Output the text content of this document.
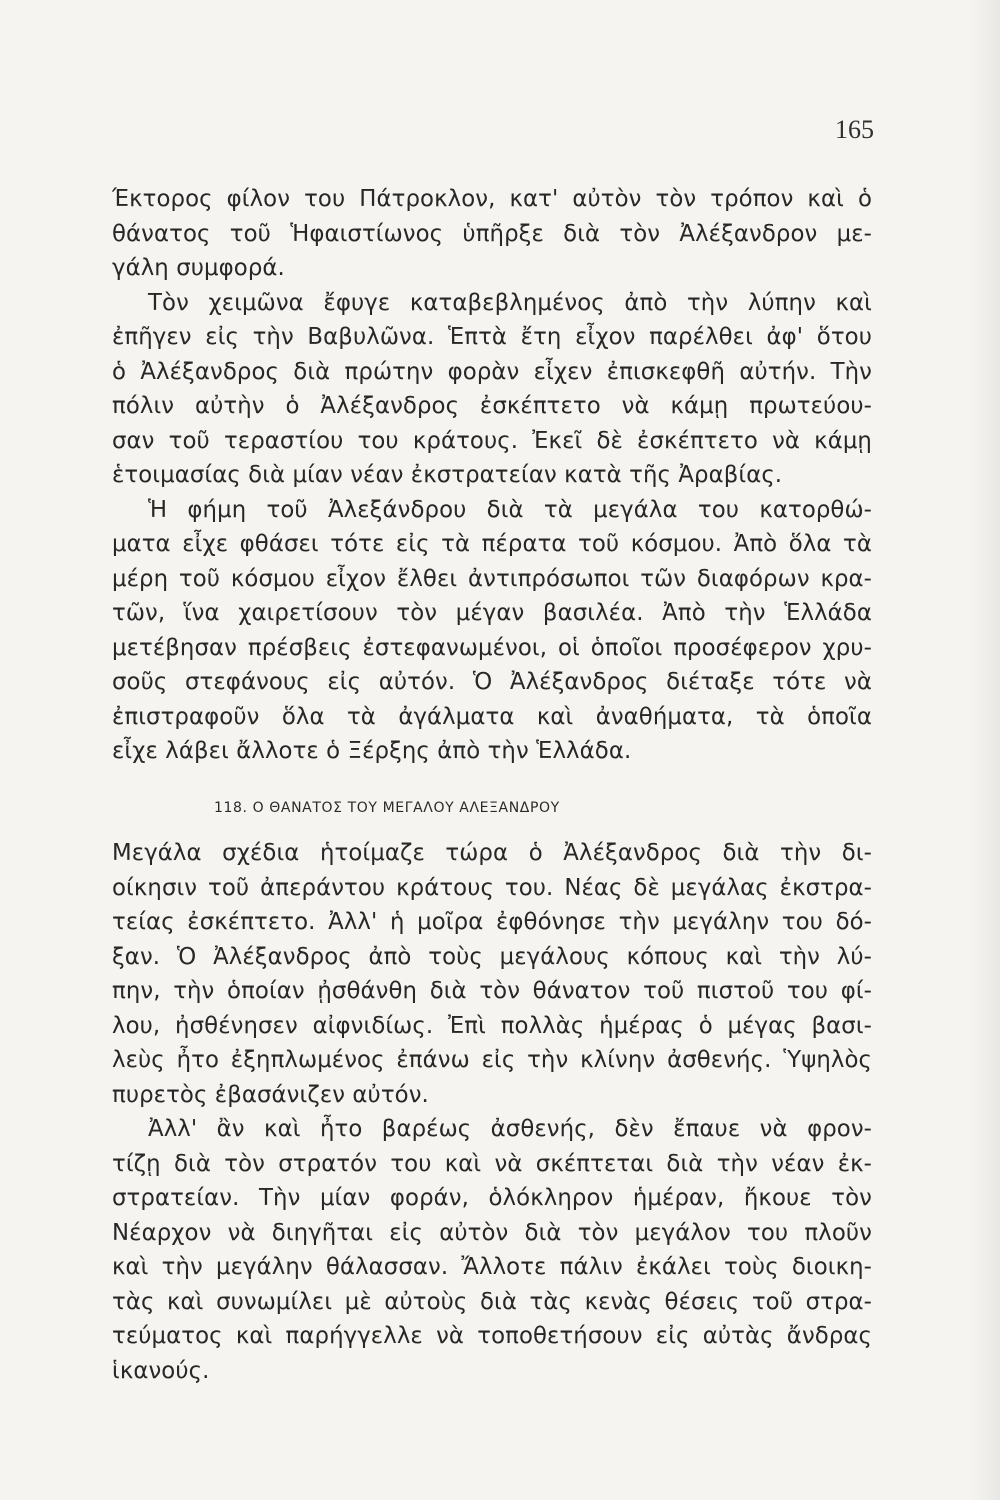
165
Έκτορος φίλον του Πάτροκλον, κατ' αὐτὸν τὸν τρόπον καὶ ὁ
θάνατος τοῦ Ἡφαιστίωνος ὑπῆρξε διὰ τὸν Ἀλέξανδρον με-
γάλη συμφορά.
Τὸν χειμῶνα ἔφυγε καταβεβλημένος ἀπὸ τὴν λύπην καὶ
ἐπῆγεν εἰς τὴν Βαβυλῶνα. Ἑπτὰ ἔτη εἶχον παρέλθει ἀφ' ὅτου
ὁ Ἀλέξανδρος διὰ πρώτην φορὰν εἶχεν ἐπισκεφθῆ αὐτήν. Τὴν
πόλιν αὐτὴν ὁ Ἀλέξανδρος ἐσκέπτετο νὰ κάμῃ πρωτεύου-
σαν τοῦ τεραστίου του κράτους. Ἐκεῖ δὲ ἐσκέπτετο νὰ κάμῃ
ἑτοιμασίας διὰ μίαν νέαν ἐκστρατείαν κατὰ τῆς Ἀραβίας.
Ἡ φήμη τοῦ Ἀλεξάνδρου διὰ τὰ μεγάλα του κατορθώ-
ματα εἶχε φθάσει τότε εἰς τὰ πέρατα τοῦ κόσμου. Ἀπὸ ὅλα τὰ
μέρη τοῦ κόσμου εἶχον ἔλθει ἀντιπρόσωποι τῶν διαφόρων κρα-
τῶν, ἵνα χαιρετίσουν τὸν μέγαν βασιλέα. Ἀπὸ τὴν Ἑλλάδα
μετέβησαν πρέσβεις ἐστεφανωμένοι, οἱ ὁποῖοι προσέφερον χρυ-
σοῦς στεφάνους εἰς αὐτόν. Ὁ Ἀλέξανδρος διέταξε τότε νὰ
ἐπιστραφοῦν ὅλα τὰ ἀγάλματα καὶ ἀναθήματα, τὰ ὁποῖα
εἶχε λάβει ἄλλοτε ὁ Ξέρξης ἀπὸ τὴν Ἑλλάδα.
118. Ο ΘΑΝΑΤΟΣ ΤΟΥ ΜΕΓΑΛΟΥ ΑΛΕΞΑΝΔΡΟΥ
Μεγάλα σχέδια ἡτοίμαζε τώρα ὁ Ἀλέξανδρος διὰ τὴν δι-
οίκησιν τοῦ ἀπεράντου κράτους του. Νέας δὲ μεγάλας ἐκστρα-
τείας ἐσκέπτετο. Ἀλλ' ἡ μοῖρα ἐφθόνησε τὴν μεγάλην του δό-
ξαν. Ὁ Ἀλέξανδρος ἀπὸ τοὺς μεγάλους κόπους καὶ τὴν λύ-
πην, τὴν ὁποίαν ᾐσθάνθη διὰ τὸν θάνατον τοῦ πιστοῦ του φί-
λου, ἠσθένησεν αἰφνιδίως. Ἐπὶ πολλὰς ἡμέρας ὁ μέγας βασι-
λεὺς ἦτο ἐξηπλωμένος ἐπάνω εἰς τὴν κλίνην ἀσθενής. Ὑψηλὸς
πυρετὸς ἐβασάνιζεν αὐτόν.
Ἀλλ' ἂν καὶ ἦτο βαρέως ἀσθενής, δὲν ἔπαυε νὰ φρον-
τίζῃ διὰ τὸν στρατόν του καὶ νὰ σκέπτεται διὰ τὴν νέαν ἐκ-
στρατείαν. Τὴν μίαν φοράν, ὁλόκληρον ἡμέραν, ἤκουε τὸν
Νέαρχον νὰ διηγῆται εἰς αὐτὸν διὰ τὸν μεγάλον του πλοῦν
καὶ τὴν μεγάλην θάλασσαν. Ἄλλοτε πάλιν ἐκάλει τοὺς διοικη-
τὰς καὶ συνωμίλει μὲ αὐτοὺς διὰ τὰς κενὰς θέσεις τοῦ στρα-
τεύματος καὶ παρήγγελλε νὰ τοποθετήσουν εἰς αὐτὰς ἄνδρας
ἱκανούς.
